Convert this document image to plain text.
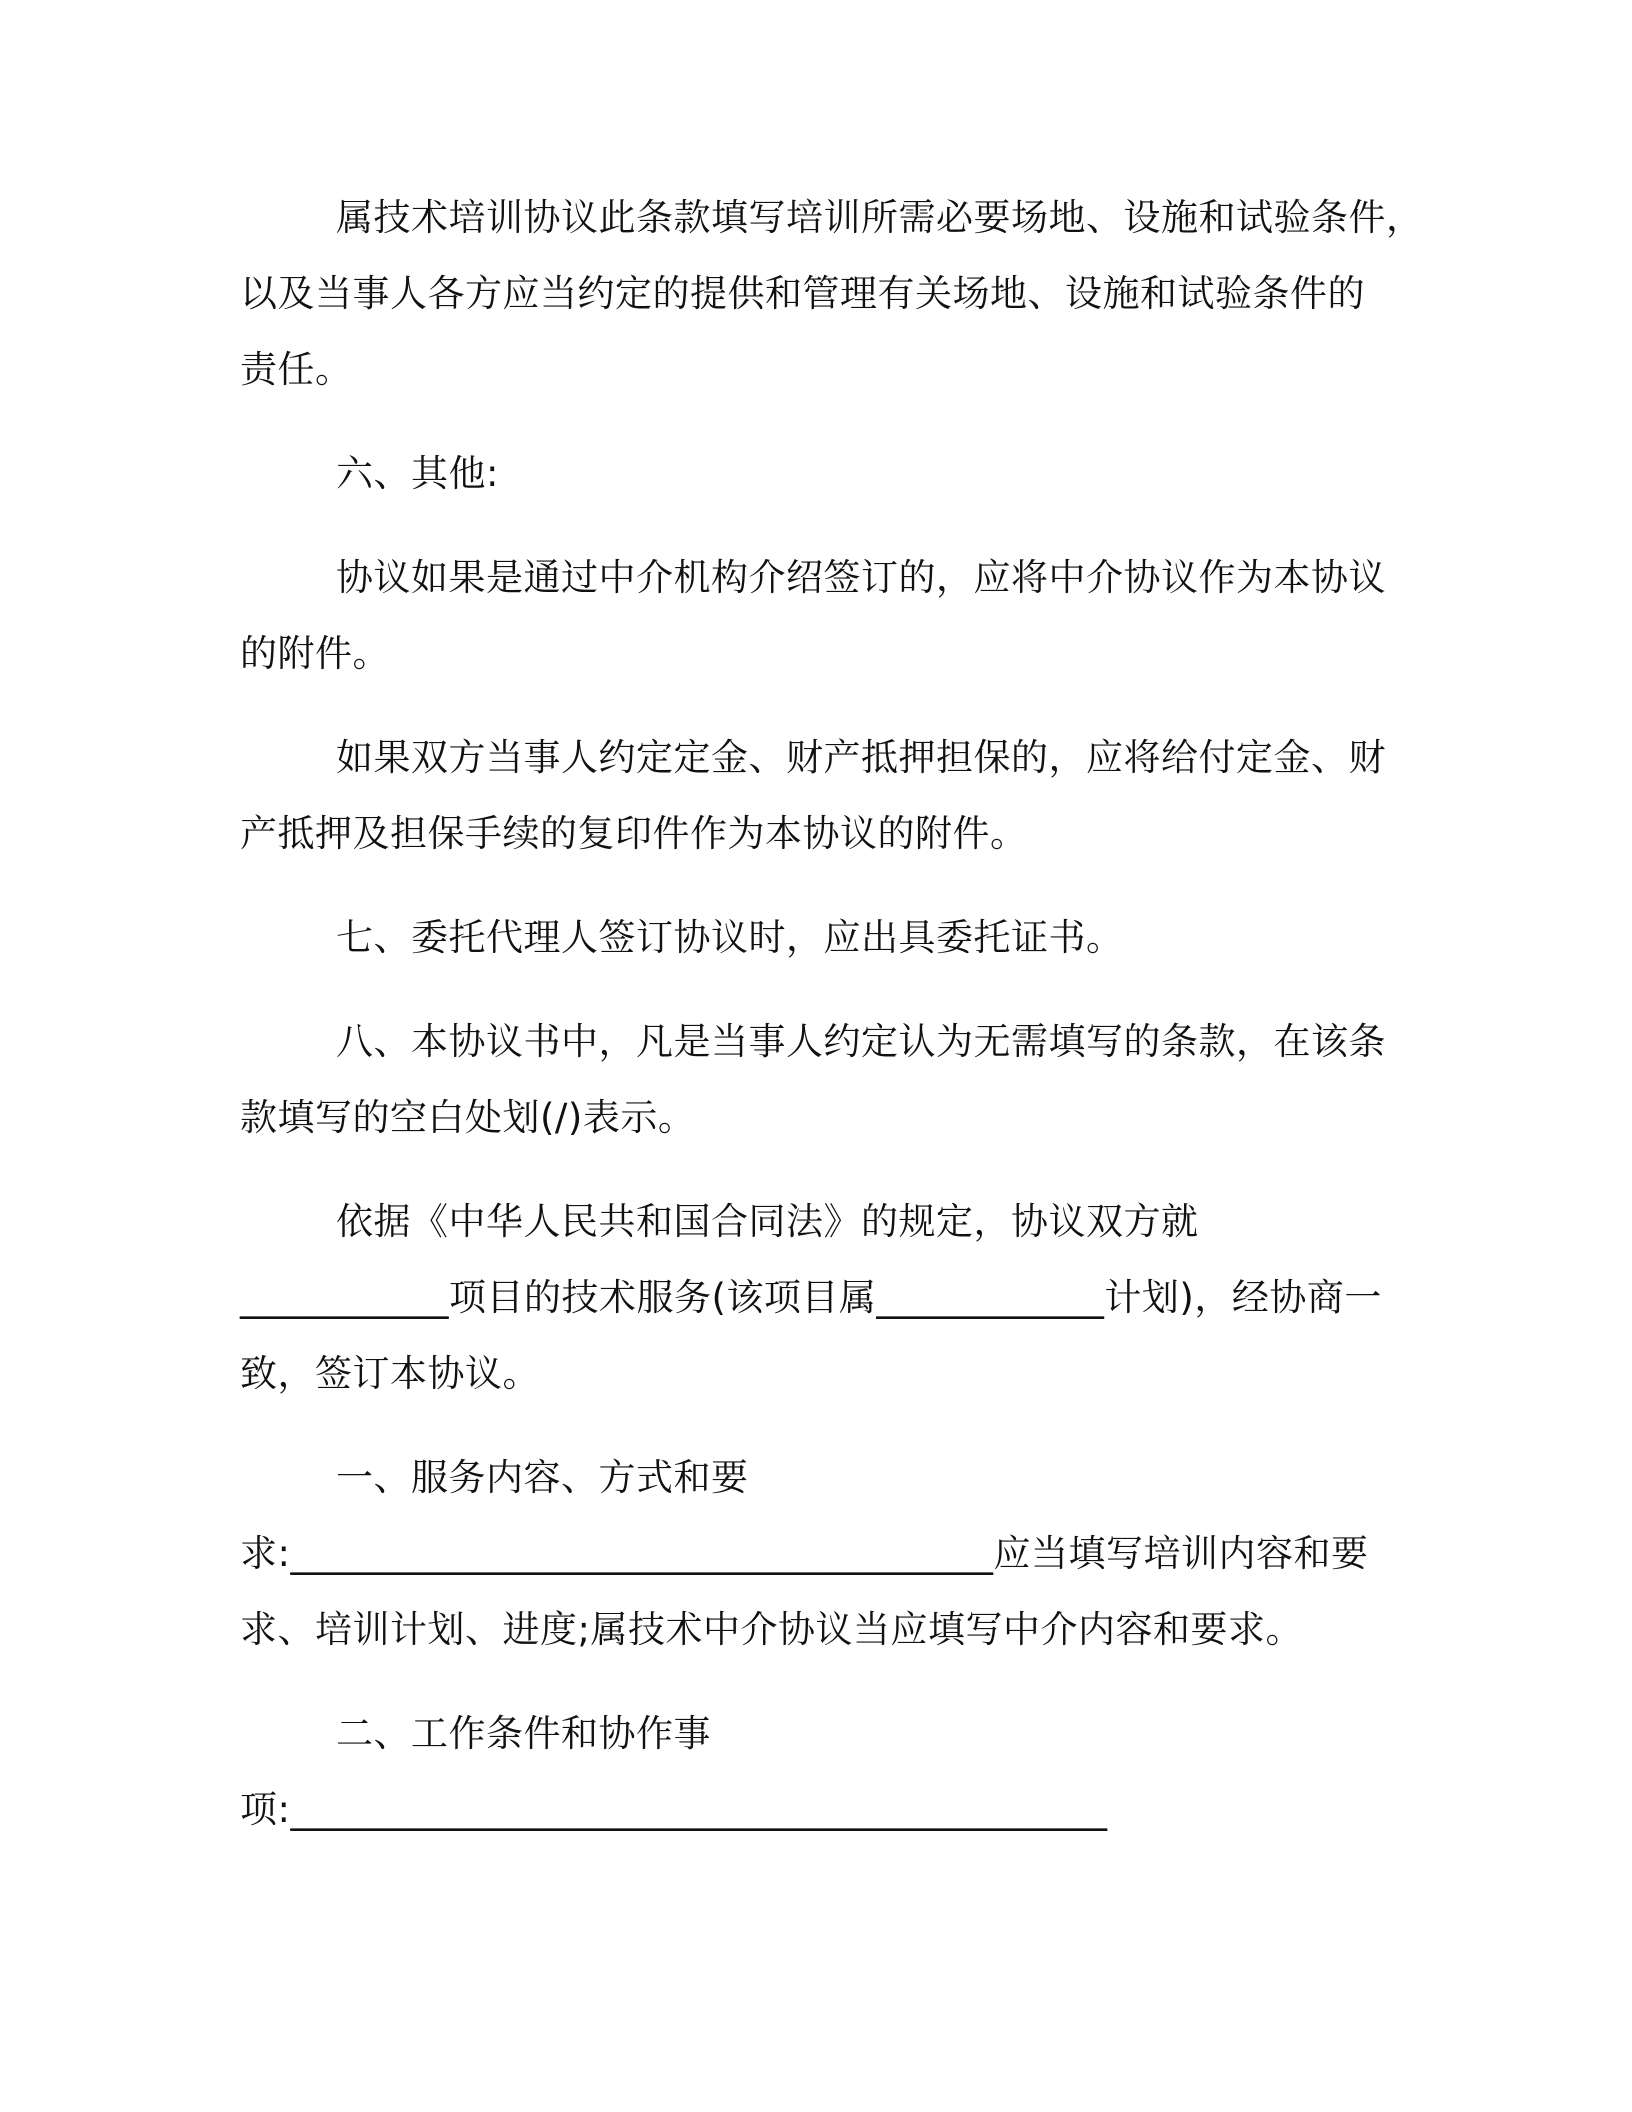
属技术培训协议此条款填写培训所需必要场地、设施和试验条件，
以及当事人各方应当约定的提供和管理有关场地、设施和试验条件的
责任。
六、其他:
协议如果是通过中介机构介绍签订的，应将中介协议作为本协议
的附件。
如果双方当事人约定定金、财产抵押担保的，应将给付定金、财
产抵押及担保手续的复印件作为本协议的附件。
七、委托代理人签订协议时，应出具委托证书。
八、本协议书中，凡是当事人约定认为无需填写的条款，在该条
款填写的空白处划(/)表示。
依据《中华人民共和国合同法》的规定，协议双方就
___________项目的技术服务(该项目属____________计划)，经协商一
致，签订本协议。
一、服务内容、方式和要
求:_____________________________________应当填写培训内容和要
求、培训计划、进度;属技术中介协议当应填写中介内容和要求。
二、工作条件和协作事
项:___________________________________________
